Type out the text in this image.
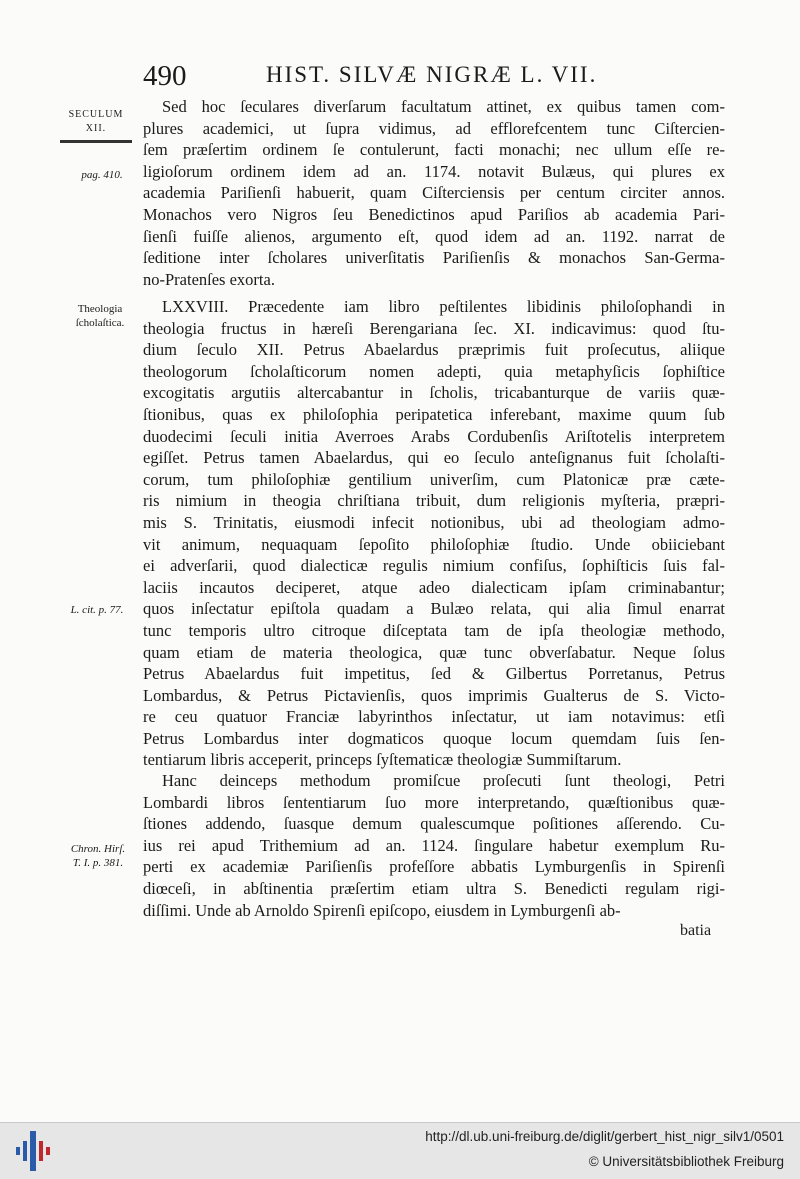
490	HIST. SILVÆ NIGRÆ L. VII.
SECULUM
XII.
pag. 410.
Theologia
ſcholaſtica.
L. cit. p. 77.
Chron. Hirſ.
T. I. p. 381.
Sed hoc ſeculares diverſarum facultatum attinet, ex quibus tamen com-
plures academici, ut ſupra vidimus, ad efflorefcentem tunc Ciſtercien-
ſem præſertim ordinem ſe contulerunt, facti monachi; nec ullum eſſe re-
ligioſorum ordinem idem ad an. 1174. notavit Bulæus, qui plures ex
academia Pariſienſi habuerit, quam Ciſterciensis per centum circiter annos.
Monachos vero Nigros ſeu Benedictinos apud Pariſios ab academia Pari-
ſienſi fuiſſe alienos, argumento eſt, quod idem ad an. 1192. narrat de
ſeditione inter ſcholares univerſitatis Pariſienſis & monachos San-Germa-
no-Pratenſes exorta.
LXXVIII. Præcedente iam libro peſtilentes libidinis philoſophandi in
theologia fructus in hæreſi Berengariana ſec. XI. indicavimus: quod ſtu-
dium ſeculo XII. Petrus Abaelardus præprimis fuit proſecutus, aliique
theologorum ſcholaſticorum nomen adepti, quia metaphyſicis ſophiſtice
excogitatis argutiis altercabantur in ſcholis, tricabanturque de variis quæ-
ſtionibus, quas ex philoſophia peripatetica inferebant, maxime quum ſub
duodecimi ſeculi initia Averroes Arabs Cordubenſis Ariſtotelis interpretem
egiſſet. Petrus tamen Abaelardus, qui eo ſeculo anteſignanus fuit ſcholaſti-
corum, tum philoſophiæ gentilium univerſim, cum Platonicæ præ cæte-
ris nimium in theogia chriſtiana tribuit, dum religionis myſteria, præpri-
mis S. Trinitatis, eiusmodi infecit notionibus, ubi ad theologiam admo-
vit animum, nequaquam ſepoſito philoſophiæ ſtudio. Unde obiiciebant
ei adverſarii, quod dialecticæ regulis nimium confiſus, ſophiſticis ſuis fal-
laciis incautos deciperet, atque adeo dialecticam ipſam criminabantur;
quos inſectatur epiſtola quadam a Bulæo relata, qui alia ſimul enarrat
tunc temporis ultro citroque diſceptata tam de ipſa theologiæ methodo,
quam etiam de materia theologica, quæ tunc obverſabatur. Neque ſolus
Petrus Abaelardus fuit impetitus, ſed & Gilbertus Porretanus, Petrus
Lombardus, & Petrus Pictavienſis, quos imprimis Gualterus de S. Victo-
re ceu quatuor Franciæ labyrinthos inſectatur, ut iam notavimus: etſi
Petrus Lombardus inter dogmaticos quoque locum quemdam ſuis ſen-
tentiarum libris acceperit, princeps ſyſtematicæ theologiæ Summiſtarum.
Hanc deinceps methodum promiſcue proſecuti ſunt theologi, Petri
Lombardi libros ſententiarum ſuo more interpretando, quæſtionibus quæ-
ſtiones addendo, ſuasque demum qualescumque poſitiones aſſerendo. Cu-
ius rei apud Trithemium ad an. 1124. ſingulare habetur exemplum Ru-
perti ex academiæ Pariſienſis profeſſore abbatis Lymburgenſis in Spirenſi
diœceſi, in abſtinentia præſertim etiam ultra S. Benedicti regulam rigi-
diſſimi. Unde ab Arnoldo Spirenſi epiſcopo, eiusdem in Lymburgenſi ab-
batia
http://dl.ub.uni-freiburg.de/diglit/gerbert_hist_nigr_silv1/0501
© Universitätsbibliothek Freiburg
